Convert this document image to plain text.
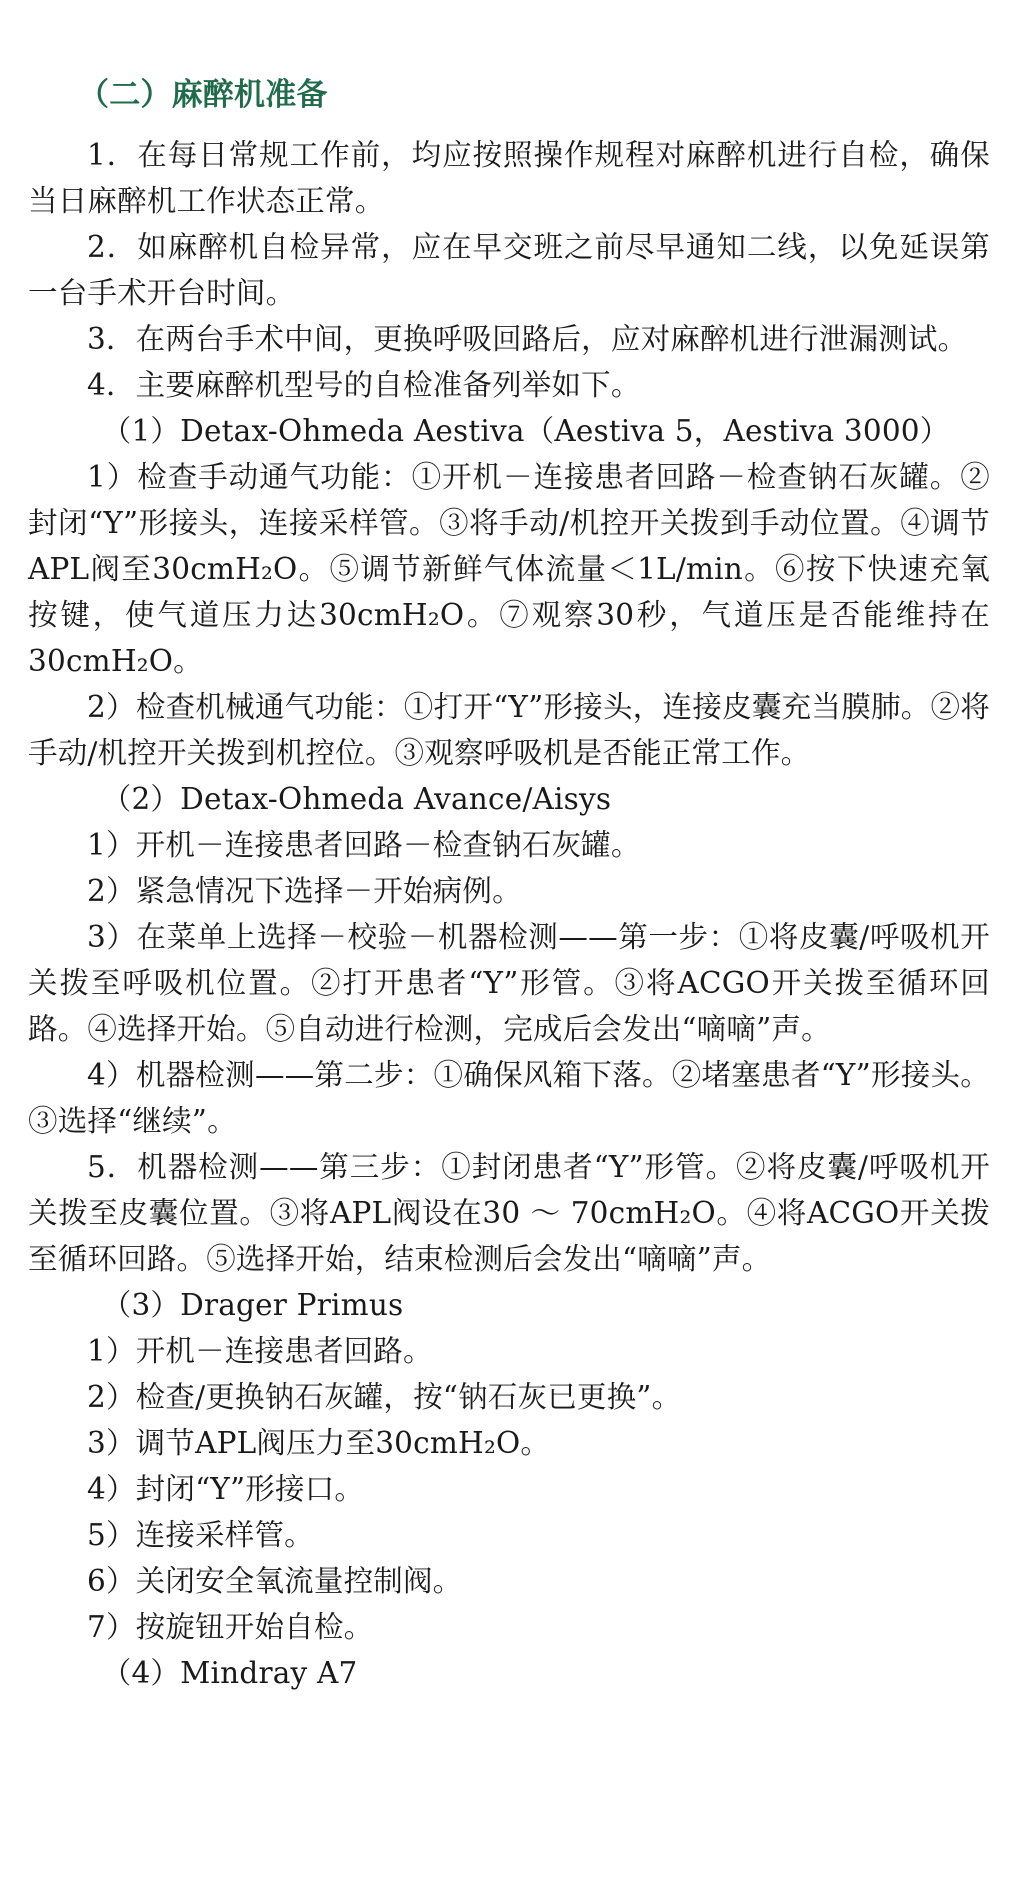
（二）麻醉机准备

1．在每日常规工作前，均应按照操作规程对麻醉机进行自检，确保当日麻醉机工作状态正常。

2．如麻醉机自检异常，应在早交班之前尽早通知二线，以免延误第一台手术开台时间。

3．在两台手术中间，更换呼吸回路后，应对麻醉机进行泄漏测试。

4．主要麻醉机型号的自检准备列举如下。

（1）Detax-Ohmeda Aestiva（Aestiva 5，Aestiva 3000）

1）检查手动通气功能：①开机－连接患者回路－检查钠石灰罐。②封闭“Y”形接头，连接采样管。③将手动/机控开关拨到手动位置。④调节APL阀至30cmH₂O。⑤调节新鲜气体流量＜1L/min。⑥按下快速充氧按键，使气道压力达30cmH₂O。⑦观察30秒，气道压是否能维持在30cmH₂O。

2）检查机械通气功能：①打开“Y”形接头，连接皮囊充当膜肺。②将手动/机控开关拨到机控位。③观察呼吸机是否能正常工作。

（2）Detax-Ohmeda Avance/Aisys

1）开机－连接患者回路－检查钠石灰罐。

2）紧急情况下选择－开始病例。

3）在菜单上选择－校验－机器检测——第一步：①将皮囊/呼吸机开关拨至呼吸机位置。②打开患者“Y”形管。③将ACGO开关拨至循环回路。④选择开始。⑤自动进行检测，完成后会发出“嘀嘀”声。

4）机器检测——第二步：①确保风箱下落。②堵塞患者“Y”形接头。③选择“继续”。

5．机器检测——第三步：①封闭患者“Y”形管。②将皮囊/呼吸机开关拨至皮囊位置。③将APL阀设在30 ～ 70cmH₂O。④将ACGO开关拨至循环回路。⑤选择开始，结束检测后会发出“嘀嘀”声。

（3）Drager Primus

1）开机－连接患者回路。

2）检查/更换钠石灰罐，按“钠石灰已更换”。

3）调节APL阀压力至30cmH₂O。

4）封闭“Y”形接口。

5）连接采样管。

6）关闭安全氧流量控制阀。

7）按旋钮开始自检。

（4）Mindray A7
